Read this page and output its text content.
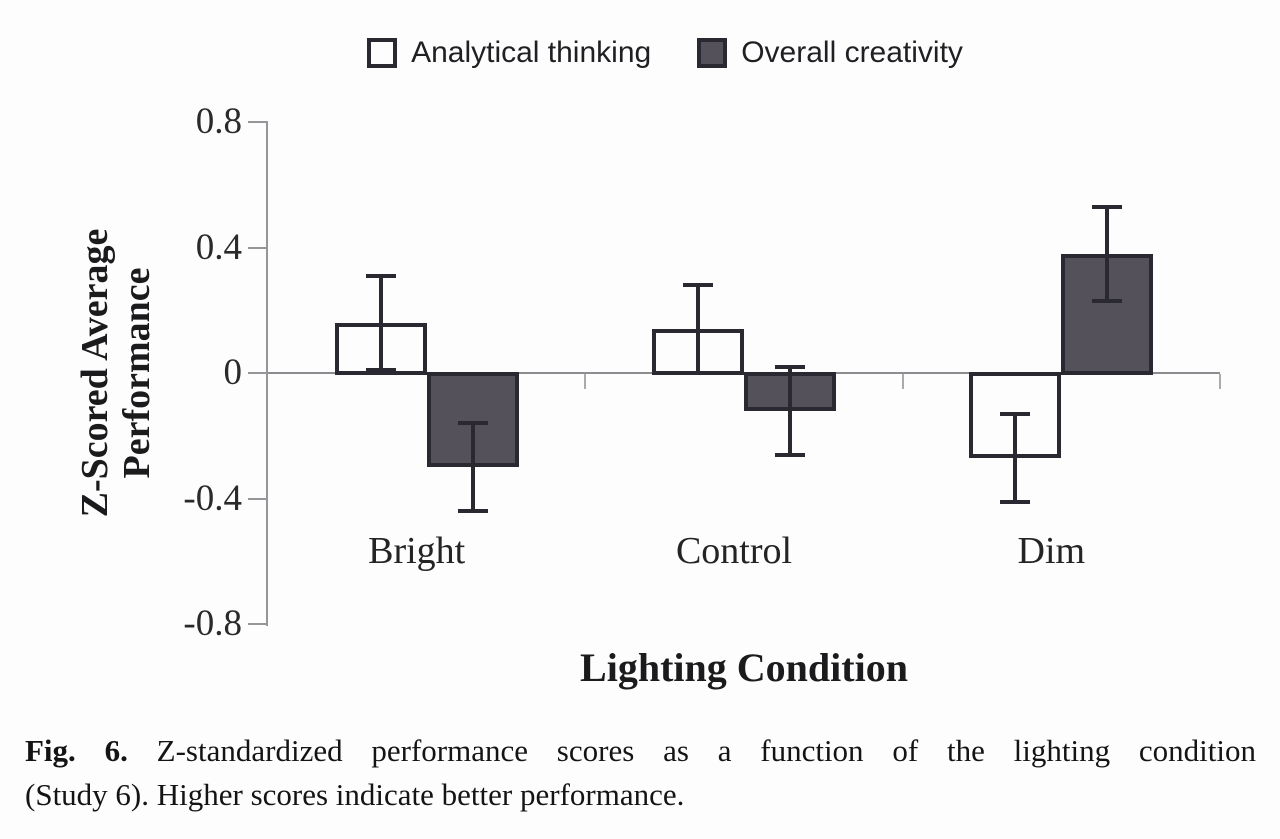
Analytical thinking	Overall creativity
Z-Scored Average
Performance
0.8
0.4
0
-0.4
-0.8
Bright	Control	Dim
Lighting Condition
Fig. 6. Z-standardized performance scores as a function of the lighting condition
(Study 6). Higher scores indicate better performance.
